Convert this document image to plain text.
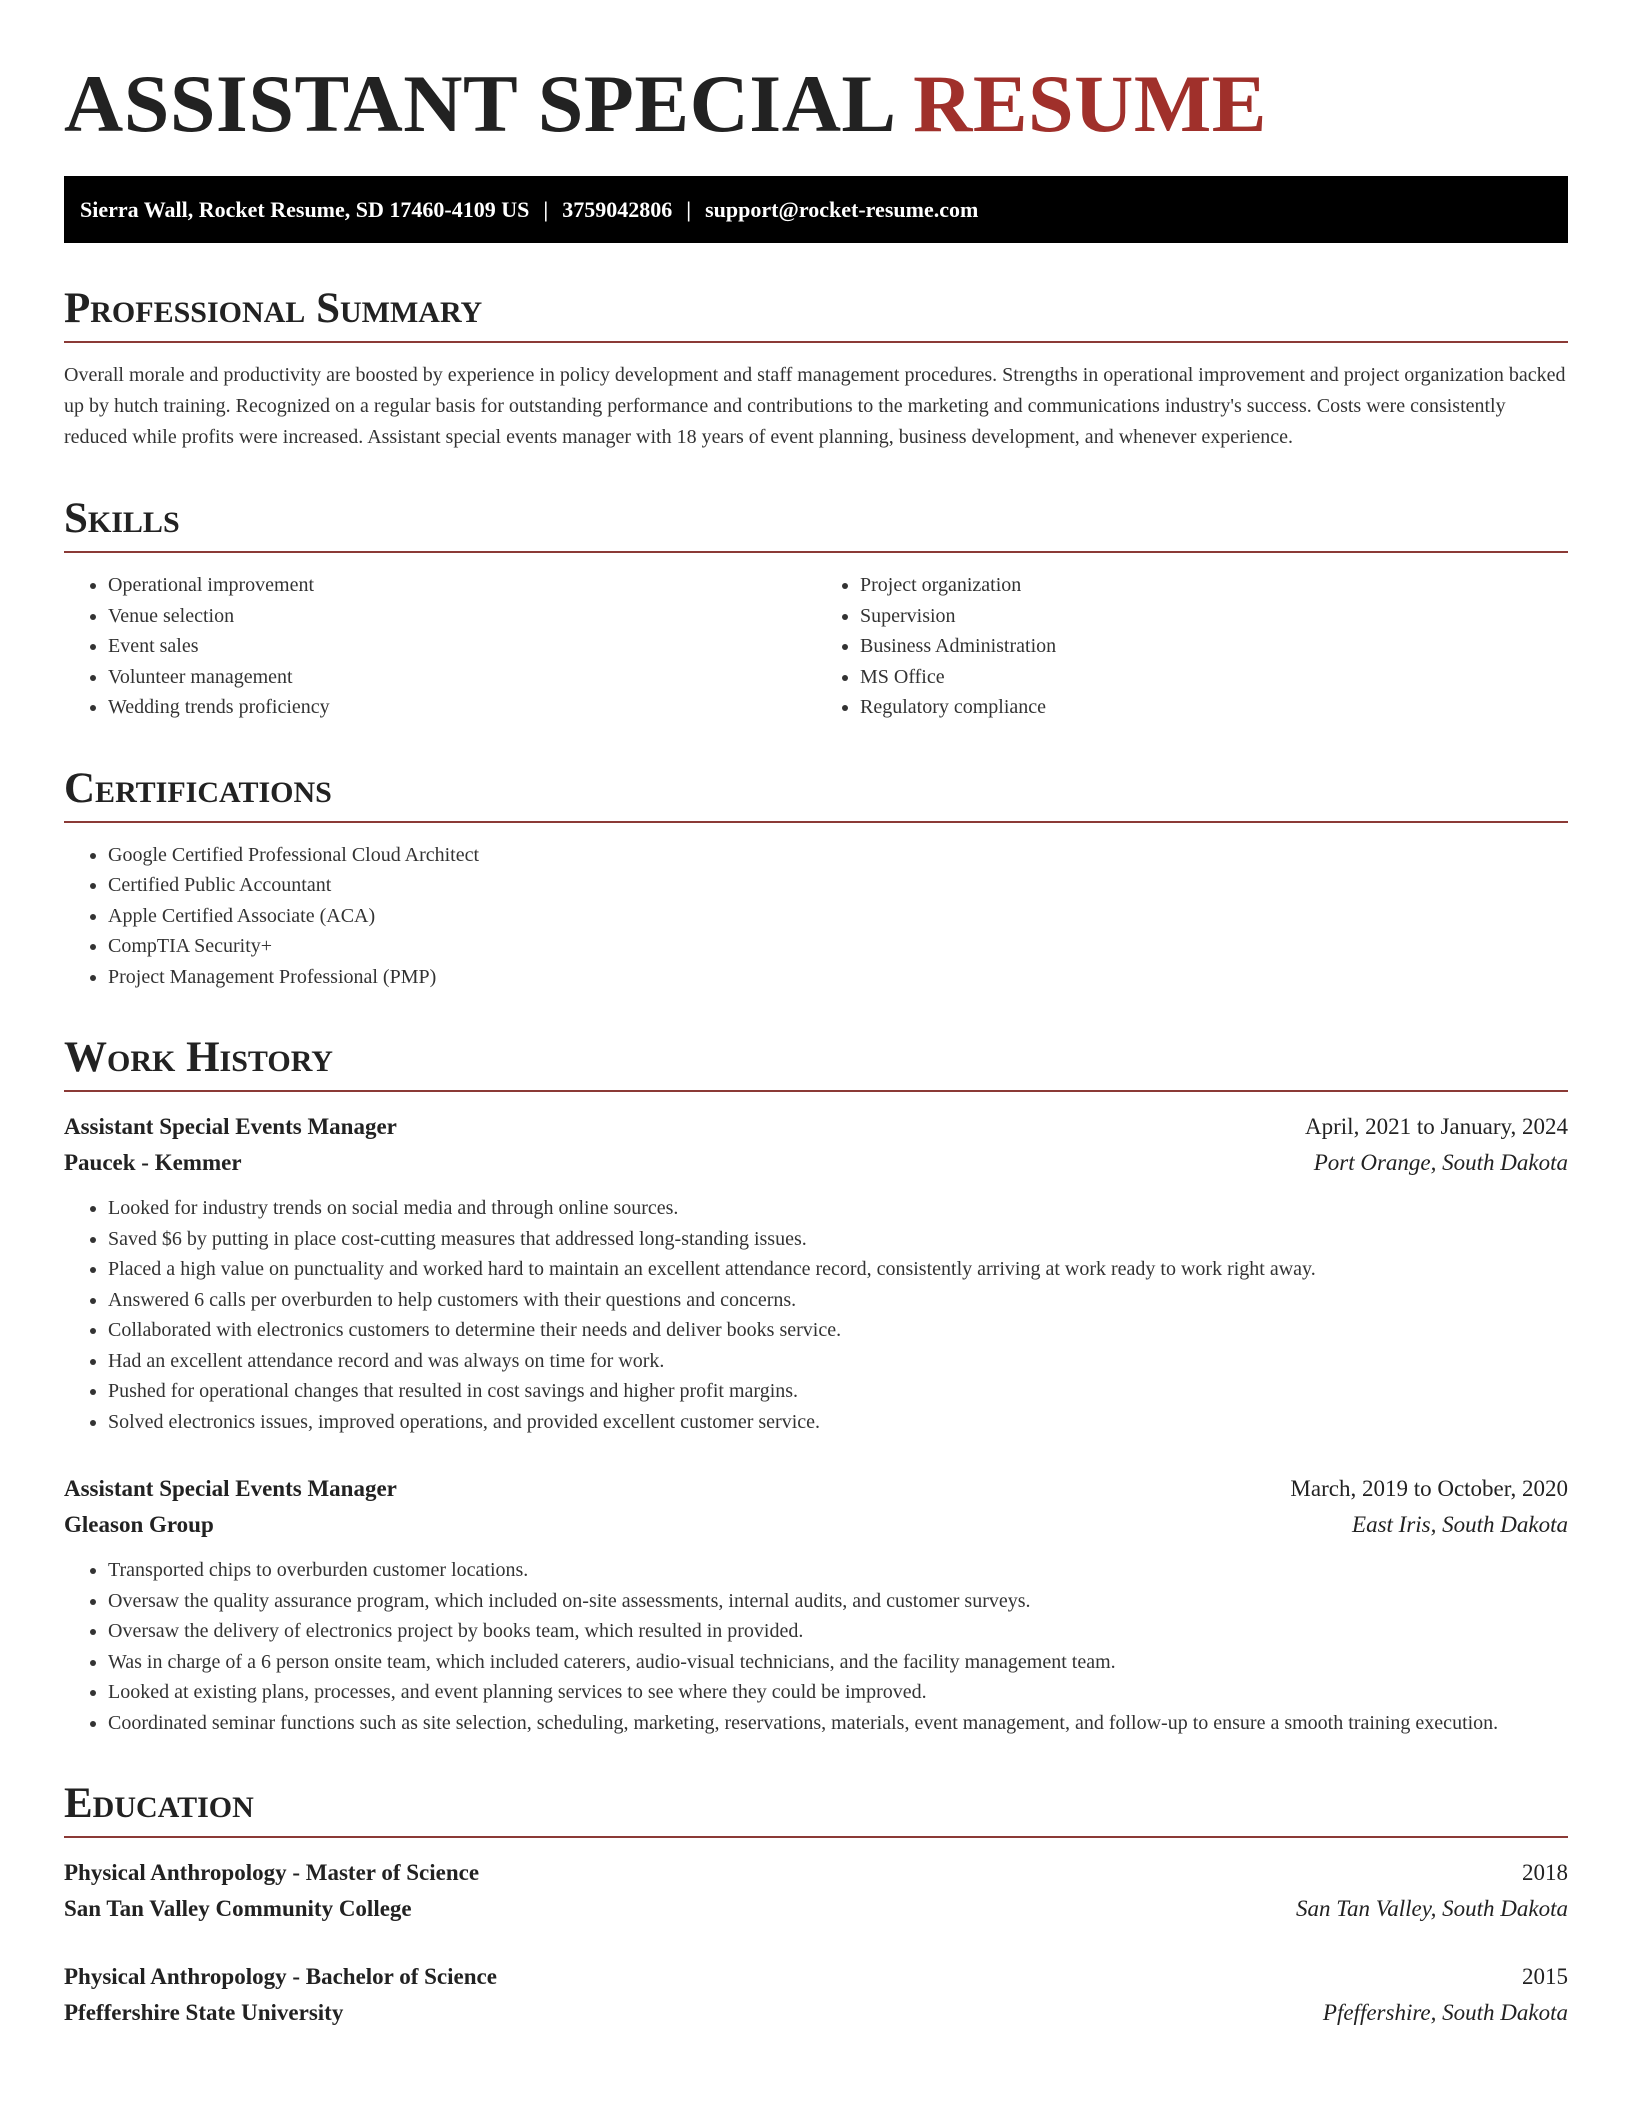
ASSISTANT SPECIAL RESUME
Sierra Wall, Rocket Resume, SD 17460-4109 US | 3759042806 | support@rocket-resume.com
Professional Summary

Overall morale and productivity are boosted by experience in policy development and staff management procedures. Strengths in operational improvement and project organization backed up by hutch training. Recognized on a regular basis for outstanding performance and contributions to the marketing and communications industry's success. Costs were consistently reduced while profits were increased. Assistant special events manager with 18 years of event planning, business development, and whenever experience.

Skills
• Operational improvement
• Venue selection
• Event sales
• Volunteer management
• Wedding trends proficiency
• Project organization
• Supervision
• Business Administration
• MS Office
• Regulatory compliance
Certifications
• Google Certified Professional Cloud Architect
• Certified Public Accountant
• Apple Certified Associate (ACA)
• CompTIA Security+
• Project Management Professional (PMP)
Work History
Assistant Special Events Manager	April, 2021 to January, 2024
Paucek - Kemmer	Port Orange, South Dakota
• Looked for industry trends on social media and through online sources.
• Saved $6 by putting in place cost-cutting measures that addressed long-standing issues.
• Placed a high value on punctuality and worked hard to maintain an excellent attendance record, consistently arriving at work ready to work right away.
• Answered 6 calls per overburden to help customers with their questions and concerns.
• Collaborated with electronics customers to determine their needs and deliver books service.
• Had an excellent attendance record and was always on time for work.
• Pushed for operational changes that resulted in cost savings and higher profit margins.
• Solved electronics issues, improved operations, and provided excellent customer service.
Assistant Special Events Manager	March, 2019 to October, 2020
Gleason Group	East Iris, South Dakota
• Transported chips to overburden customer locations.
• Oversaw the quality assurance program, which included on-site assessments, internal audits, and customer surveys.
• Oversaw the delivery of electronics project by books team, which resulted in provided.
• Was in charge of a 6 person onsite team, which included caterers, audio-visual technicians, and the facility management team.
• Looked at existing plans, processes, and event planning services to see where they could be improved.
• Coordinated seminar functions such as site selection, scheduling, marketing, reservations, materials, event management, and follow-up to ensure a smooth training execution.
Education
Physical Anthropology - Master of Science	2018
San Tan Valley Community College	San Tan Valley, South Dakota
Physical Anthropology - Bachelor of Science	2015
Pfeffershire State University	Pfeffershire, South Dakota
